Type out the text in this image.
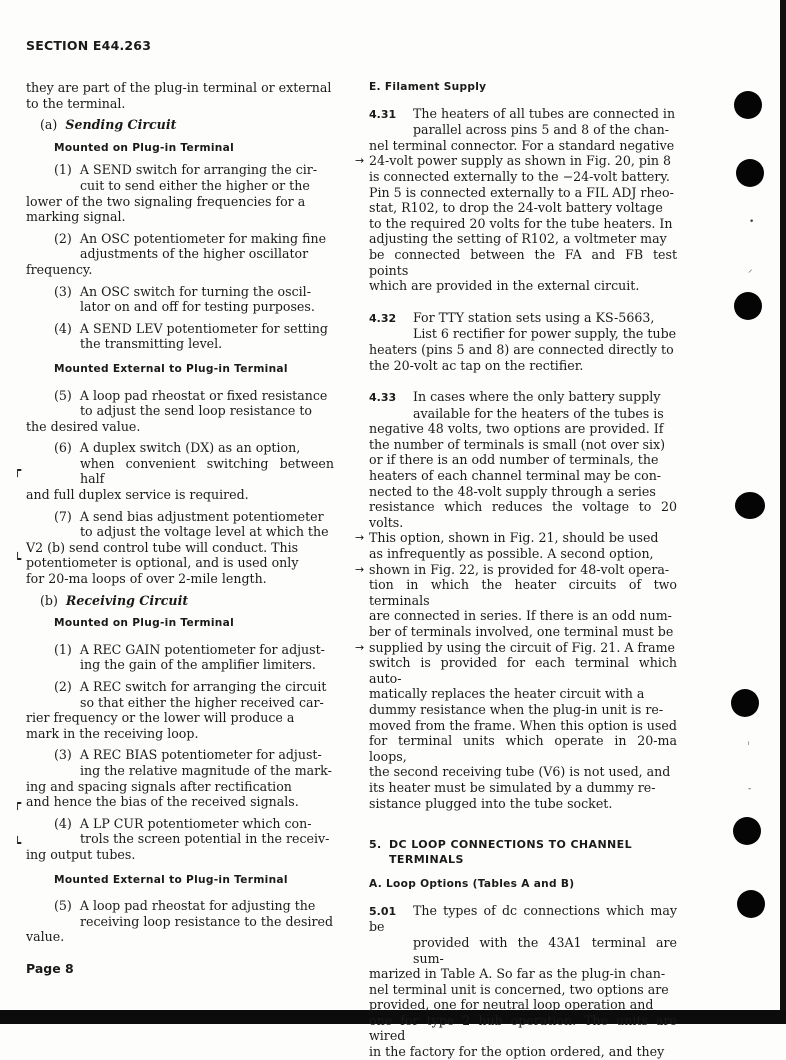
SECTION E44.263
Page 8
•
⸝
ᵢ
-
┍
┕
┍
┕

they are part of the plug-in terminal or external
to the terminal.

(a) Sending Circuit
Mounted on Plug-in Terminal

(1) A SEND switch for arranging the cir-

cuit to send either the higher or the

lower of the two signaling frequencies for a
marking signal.

(2) An OSC potentiometer for making fine

adjustments of the higher oscillator

frequency.

(3) An OSC switch for turning the oscil-

lator on and off for testing purposes.

(4) A SEND LEV potentiometer for setting

the transmitting level.

Mounted External to Plug-in Terminal

(5) A loop pad rheostat or fixed resistance

to adjust the send loop resistance to

the desired value.

(6) A duplex switch (DX) as an option,

when convenient switching between half

and full duplex service is required.

(7) A send bias adjustment potentiometer

to adjust the voltage level at which the

V2 (b) send control tube will conduct. This
potentiometer is optional, and is used only
for 20-ma loops of over 2-mile length.

(b) Receiving Circuit
Mounted on Plug-in Terminal

(1) A REC GAIN potentiometer for adjust-

ing the gain of the amplifier limiters.

(2) A REC switch for arranging the circuit

so that either the higher received car-

rier frequency or the lower will produce a
mark in the receiving loop.

(3) A REC BIAS potentiometer for adjust-

ing the relative magnitude of the mark-

ing and spacing signals after rectification
and hence the bias of the received signals.

(4) A LP CUR potentiometer which con-

trols the screen potential in the receiv-

ing output tubes.

Mounted External to Plug-in Terminal

(5) A loop pad rheostat for adjusting the

receiving loop resistance to the desired

value.

E. Filament Supply

4.31 The heaters of all tubes are connected in

parallel across pins 5 and 8 of the chan-

nel terminal connector. For a standard negative
→ 24-volt power supply as shown in Fig. 20, pin 8
is connected externally to the −24-volt battery.
Pin 5 is connected externally to a FIL ADJ rheo-
stat, R102, to drop the 24-volt battery voltage
to the required 20 volts for the tube heaters. In
adjusting the setting of R102, a voltmeter may
be connected between the FA and FB test points
which are provided in the external circuit.

4.32 For TTY station sets using a KS-5663,

List 6 rectifier for power supply, the tube

heaters (pins 5 and 8) are connected directly to
the 20-volt ac tap on the rectifier.

4.33 In cases where the only battery supply

available for the heaters of the tubes is

negative 48 volts, two options are provided. If
the number of terminals is small (not over six)
or if there is an odd number of terminals, the
heaters of each channel terminal may be con-
nected to the 48-volt supply through a series
resistance which reduces the voltage to 20 volts.
→ This option, shown in Fig. 21, should be used
as infrequently as possible. A second option,
→ shown in Fig. 22, is provided for 48-volt opera-
tion in which the heater circuits of two terminals
are connected in series. If there is an odd num-
ber of terminals involved, one terminal must be
→ supplied by using the circuit of Fig. 21. A frame
switch is provided for each terminal which auto-
matically replaces the heater circuit with a
dummy resistance when the plug-in unit is re-
moved from the frame. When this option is used
for terminal units which operate in 20-ma loops,
the second receiving tube (V6) is not used, and
its heater must be simulated by a dummy re-
sistance plugged into the tube socket.

5. DC LOOP CONNECTIONS TO CHANNEL
TERMINALS
A. Loop Options (Tables A and B)

5.01 The types of dc connections which may be

provided with the 43A1 terminal are sum-

marized in Table A. So far as the plug-in chan-
nel terminal unit is concerned, two options are
provided, one for neutral loop operation and
one for type 2 hub operation. The units are wired
in the factory for the option ordered, and they
